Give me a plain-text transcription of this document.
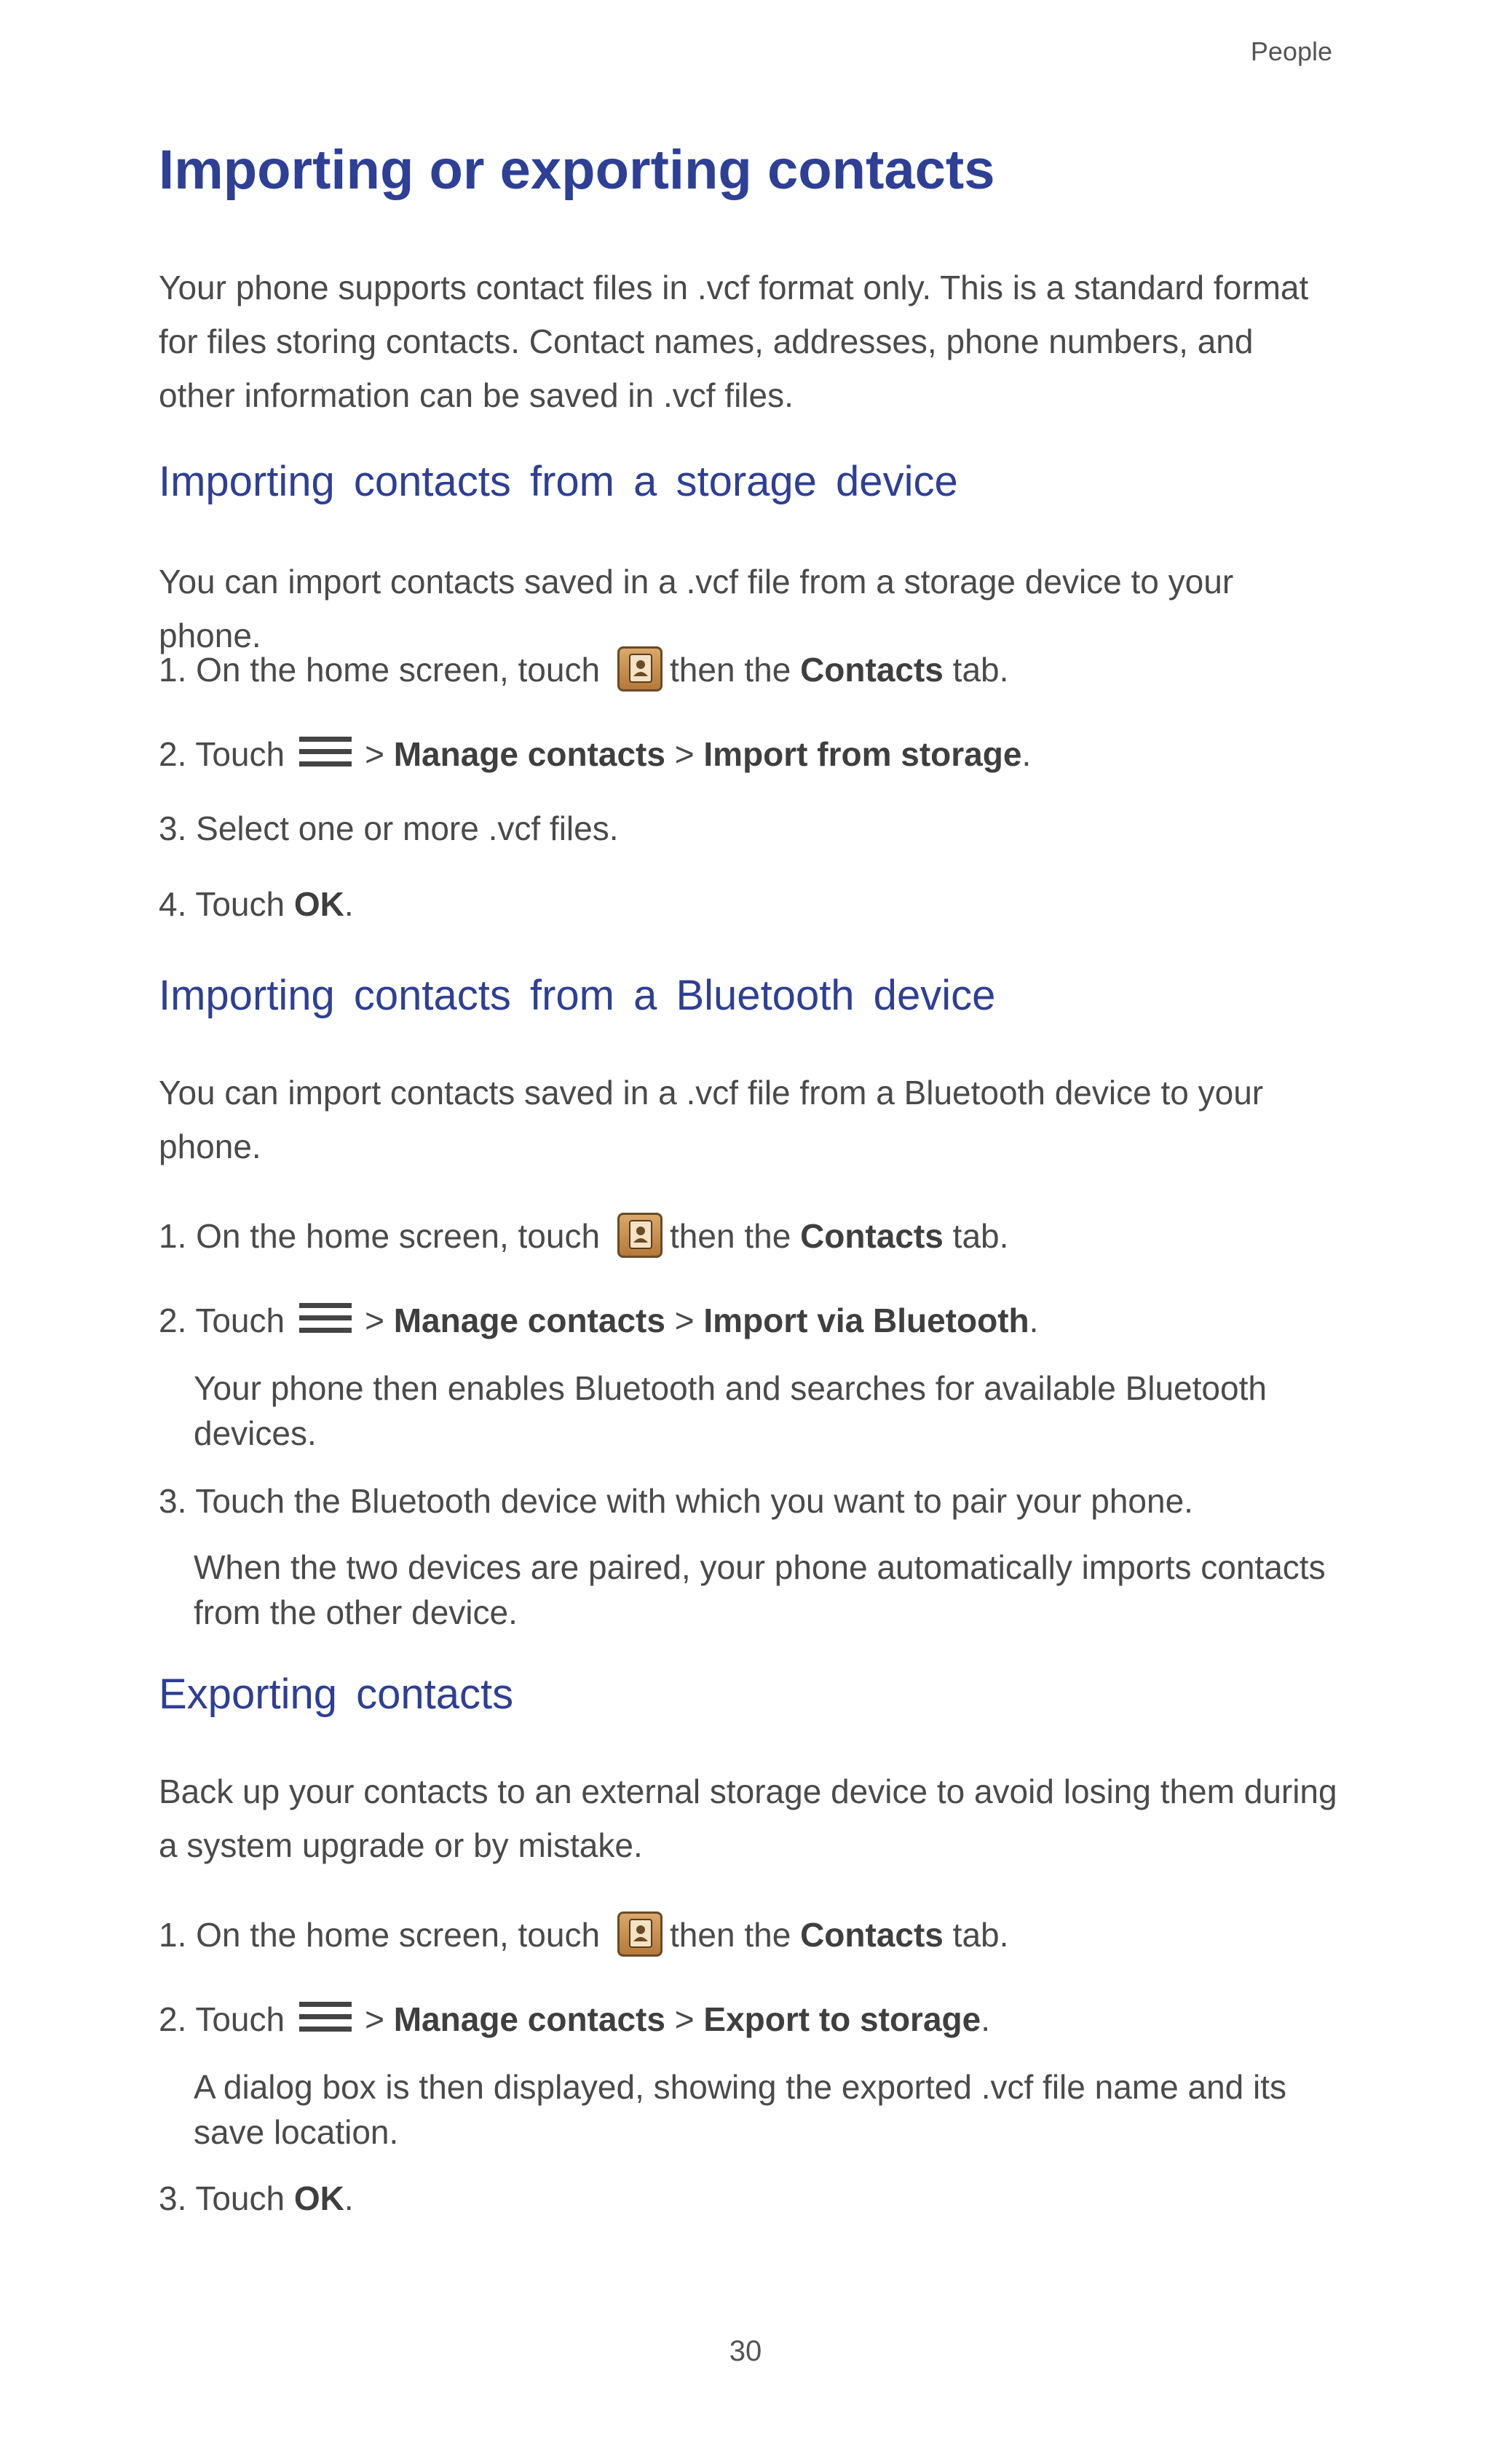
People
Importing or exporting contacts

Your phone supports contact files in .vcf format only. This is a standard format for files storing contacts. Contact names, addresses, phone numbers, and other information can be saved in .vcf files.

Importing contacts from a storage device

You can import contacts saved in a .vcf file from a storage device to your phone.

1. On the home screen, touch then the Contacts tab.

2. Touch > Manage contacts > Import from storage.

3. Select one or more .vcf files.

4. Touch OK.

Importing contacts from a Bluetooth device

You can import contacts saved in a .vcf file from a Bluetooth device to your phone.

1. On the home screen, touch then the Contacts tab.

2. Touch > Manage contacts > Import via Bluetooth.

Your phone then enables Bluetooth and searches for available Bluetooth devices.

3. Touch the Bluetooth device with which you want to pair your phone.

When the two devices are paired, your phone automatically imports contacts from the other device.

Exporting contacts

Back up your contacts to an external storage device to avoid losing them during a system upgrade or by mistake.

1. On the home screen, touch then the Contacts tab.

2. Touch > Manage contacts > Export to storage.

A dialog box is then displayed, showing the exported .vcf file name and its save location.

3. Touch OK.

30
